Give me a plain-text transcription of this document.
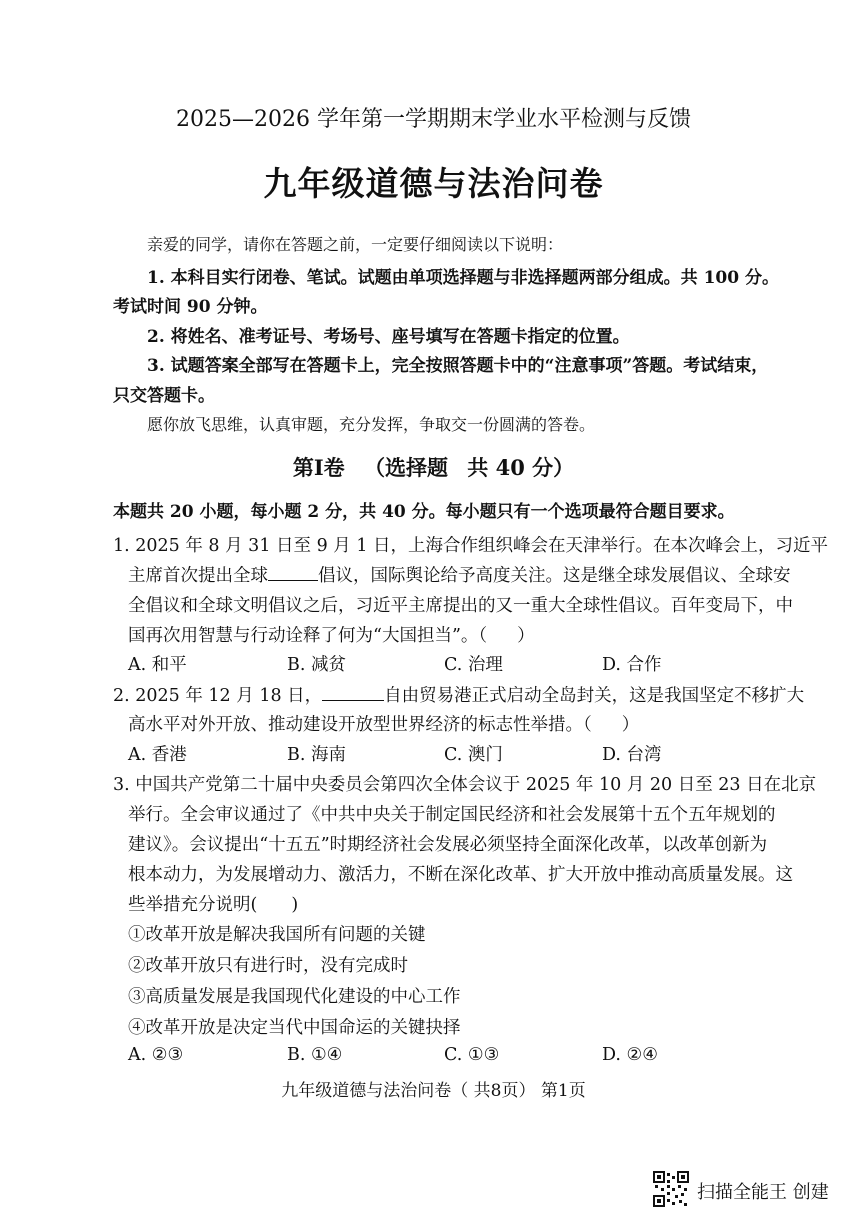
2025—2026 学年第一学期期末学业水平检测与反馈
九年级道德与法治问卷
亲爱的同学，请你在答题之前，一定要仔细阅读以下说明：
1. 本科目实行闭卷、笔试。试题由单项选择题与非选择题两部分组成。共 100 分。
考试时间 90 分钟。
2. 将姓名、准考证号、考场号、座号填写在答题卡指定的位置。
3. 试题答案全部写在答题卡上，完全按照答题卡中的“注意事项”答题。考试结束，
只交答题卡。
愿你放飞思维，认真审题，充分发挥，争取交一份圆满的答卷。
第Ⅰ卷 （选择题 共 40 分）
本题共 20 小题，每小题 2 分，共 40 分。每小题只有一个选项最符合题目要求。
1. 2025 年 8 月 31 日至 9 月 1 日，上海合作组织峰会在天津举行。在本次峰会上，习近平
主席首次提出全球	倡议，国际舆论给予高度关注。这是继全球发展倡议、全球安
全倡议和全球文明倡议之后，习近平主席提出的又一重大全球性倡议。百年变局下，中
国再次用智慧与行动诠释了何为“大国担当”。（ ）
A. 和平	B. 减贫	C. 治理	D. 合作
2. 2025 年 12 月 18 日，	自由贸易港正式启动全岛封关，这是我国坚定不移扩大
高水平对外开放、推动建设开放型世界经济的标志性举措。（ ）
A. 香港	B. 海南	C. 澳门	D. 台湾
3. 中国共产党第二十届中央委员会第四次全体会议于 2025 年 10 月 20 日至 23 日在北京
举行。全会审议通过了《中共中央关于制定国民经济和社会发展第十五个五年规划的
建议》。会议提出“十五五”时期经济社会发展必须坚持全面深化改革，以改革创新为
根本动力，为发展增动力、激活力，不断在深化改革、扩大开放中推动高质量发展。这
些举措充分说明( )
①改革开放是解决我国所有问题的关键
②改革开放只有进行时，没有完成时
③高质量发展是我国现代化建设的中心工作
④改革开放是决定当代中国命运的关键抉择
A. ②③	B. ①④	C. ①③	D. ②④
九年级道德与法治问卷（ 共8页） 第1页
扫描全能王 创建
